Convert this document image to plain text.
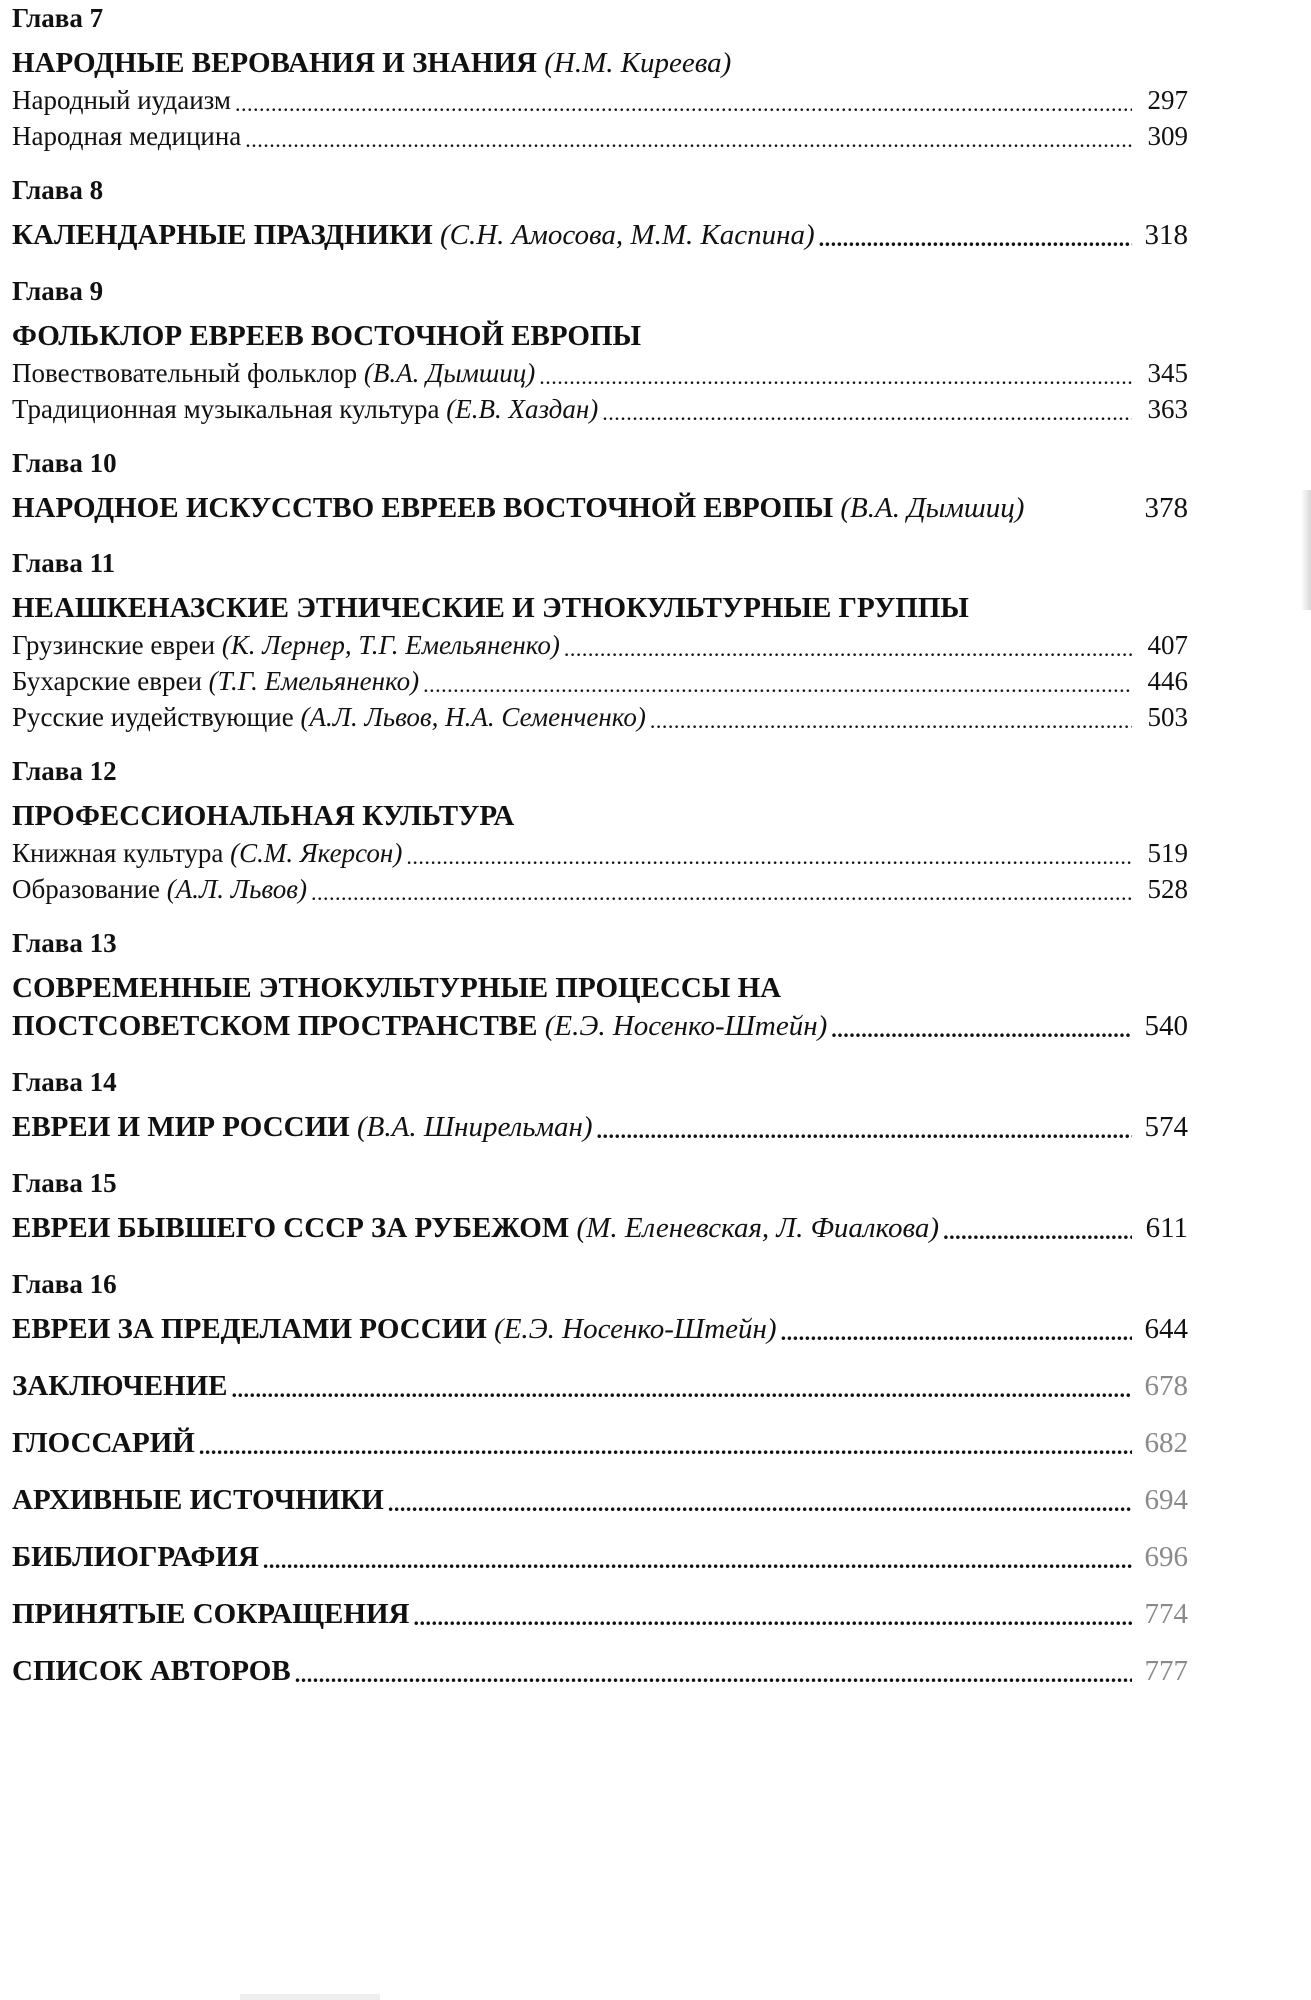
Глава 7

НАРОДНЫЕ ВЕРОВАНИЯ И ЗНАНИЯ (Н.М. Киреева)

Народный иудаизм .....	297
Народная медицина .....	309

Глава 8

КАЛЕНДАРНЫЕ ПРАЗДНИКИ (С.Н. Амосова, М.М. Каспина) .....	318

Глава 9

ФОЛЬКЛОР ЕВРЕЕВ ВОСТОЧНОЙ ЕВРОПЫ

Повествовательный фольклор (В.А. Дымшиц) .....	345
Традиционная музыкальная культура (Е.В. Хаздан) .....	363

Глава 10

НАРОДНОЕ ИСКУССТВО ЕВРЕЕВ ВОСТОЧНОЙ ЕВРОПЫ (В.А. Дымшиц)	378

Глава 11

НЕАШКЕНАЗСКИЕ ЭТНИЧЕСКИЕ И ЭТНОКУЛЬТУРНЫЕ ГРУППЫ

Грузинские евреи (К. Лернер, Т.Г. Емельяненко) .....	407
Бухарские евреи (Т.Г. Емельяненко) .....	446
Русские иудействующие (А.Л. Львов, Н.А. Семенченко) .....	503

Глава 12

ПРОФЕССИОНАЛЬНАЯ КУЛЬТУРА

Книжная культура (С.М. Якерсон) .....	519
Образование (А.Л. Львов) .....	528

Глава 13

СОВРЕМЕННЫЕ ЭТНОКУЛЬТУРНЫЕ ПРОЦЕССЫ НА

ПОСТСОВЕТСКОМ ПРОСТРАНСТВЕ (Е.Э. Носенко-Штейн) .....	540

Глава 14

ЕВРЕИ И МИР РОССИИ (В.А. Шнирельман) .....	574

Глава 15

ЕВРЕИ БЫВШЕГО СССР ЗА РУБЕЖОМ (М. Еленевская, Л. Фиалкова) .....	611

Глава 16

ЕВРЕИ ЗА ПРЕДЕЛАМИ РОССИИ (Е.Э. Носенко-Штейн) .....	644
ЗАКЛЮЧЕНИЕ .....	678
ГЛОССАРИЙ .....	682
АРХИВНЫЕ ИСТОЧНИКИ .....	694
БИБЛИОГРАФИЯ .....	696
ПРИНЯТЫЕ СОКРАЩЕНИЯ .....	774
СПИСОК АВТОРОВ .....	777
